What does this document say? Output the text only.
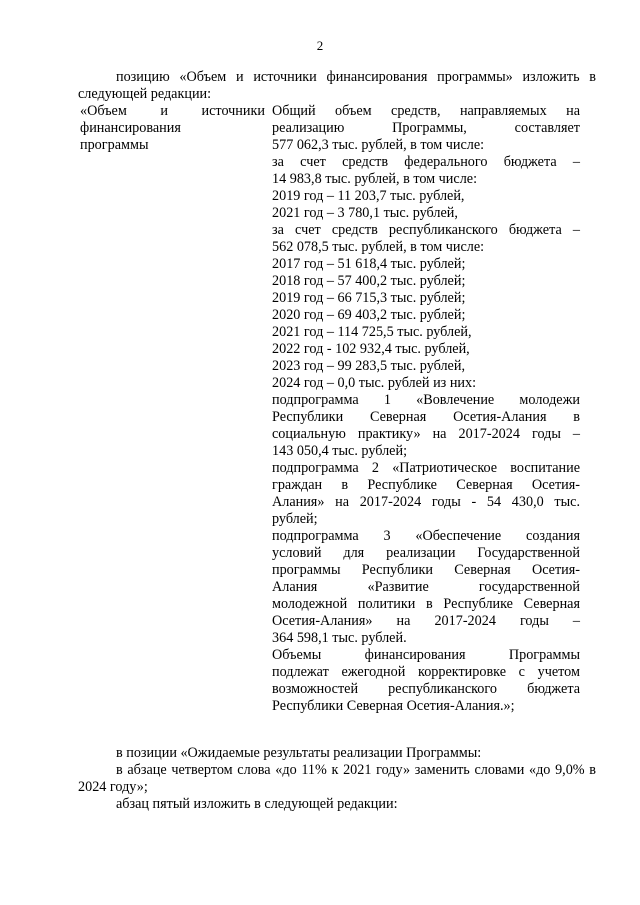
2

позицию «Объем и источники финансирования программы» изложить в следующей редакции:

«Объем и источники
финансирования
программы
Общий объем средств, направляемых на
реализацию Программы, составляет
577 062,3 тыс. рублей, в том числе:
за счет средств федерального бюджета –
14 983,8 тыс. рублей, в том числе:
2019 год – 11 203,7 тыс. рублей,
2021 год – 3 780,1 тыс. рублей,
за счет средств республиканского бюджета –
562 078,5 тыс. рублей, в том числе:
2017 год – 51 618,4 тыс. рублей;
2018 год – 57 400,2 тыс. рублей;
2019 год – 66 715,3 тыс. рублей;
2020 год – 69 403,2 тыс. рублей;
2021 год – 114 725,5 тыс. рублей,
2022 год - 102 932,4 тыс. рублей,
2023 год – 99 283,5 тыс. рублей,
2024 год – 0,0 тыс. рублей из них:
подпрограмма 1 «Вовлечение молодежи
Республики Северная Осетия-Алания в
социальную практику» на 2017-2024 годы –
143 050,4 тыс. рублей;
подпрограмма 2 «Патриотическое воспитание
граждан в Республике Северная Осетия-
Алания» на 2017-2024 годы - 54 430,0 тыс.
рублей;
подпрограмма 3 «Обеспечение создания
условий для реализации Государственной
программы Республики Северная Осетия-
Алания «Развитие государственной
молодежной политики в Республике Северная
Осетия-Алания» на 2017-2024 годы –
364 598,1 тыс. рублей.
Объемы финансирования Программы
подлежат ежегодной корректировке с учетом
возможностей республиканского бюджета
Республики Северная Осетия-Алания.»;

в позиции «Ожидаемые результаты реализации Программы:

в абзаце четвертом слова «до 11% к 2021 году» заменить словами «до 9,0% в 2024 году»;

абзац пятый изложить в следующей редакции:
